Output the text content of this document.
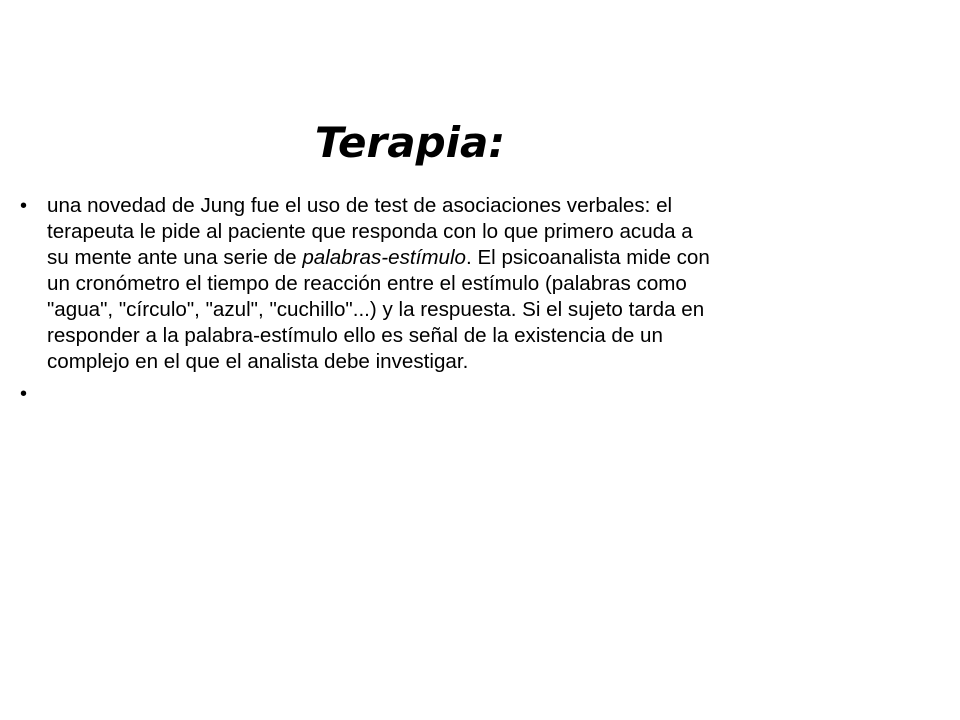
Terapia:
• una novedad de Jung fue el uso de test de asociaciones verbales: el terapeuta le pide al paciente que responda con lo que primero acuda a su mente ante una serie de palabras-estímulo. El psicoanalista mide con un cronómetro el tiempo de reacción entre el estímulo (palabras como "agua", "círculo", "azul", "cuchillo"...) y la respuesta. Si el sujeto tarda en responder a la palabra-estímulo ello es señal de la existencia de un complejo en el que el analista debe investigar.
•
